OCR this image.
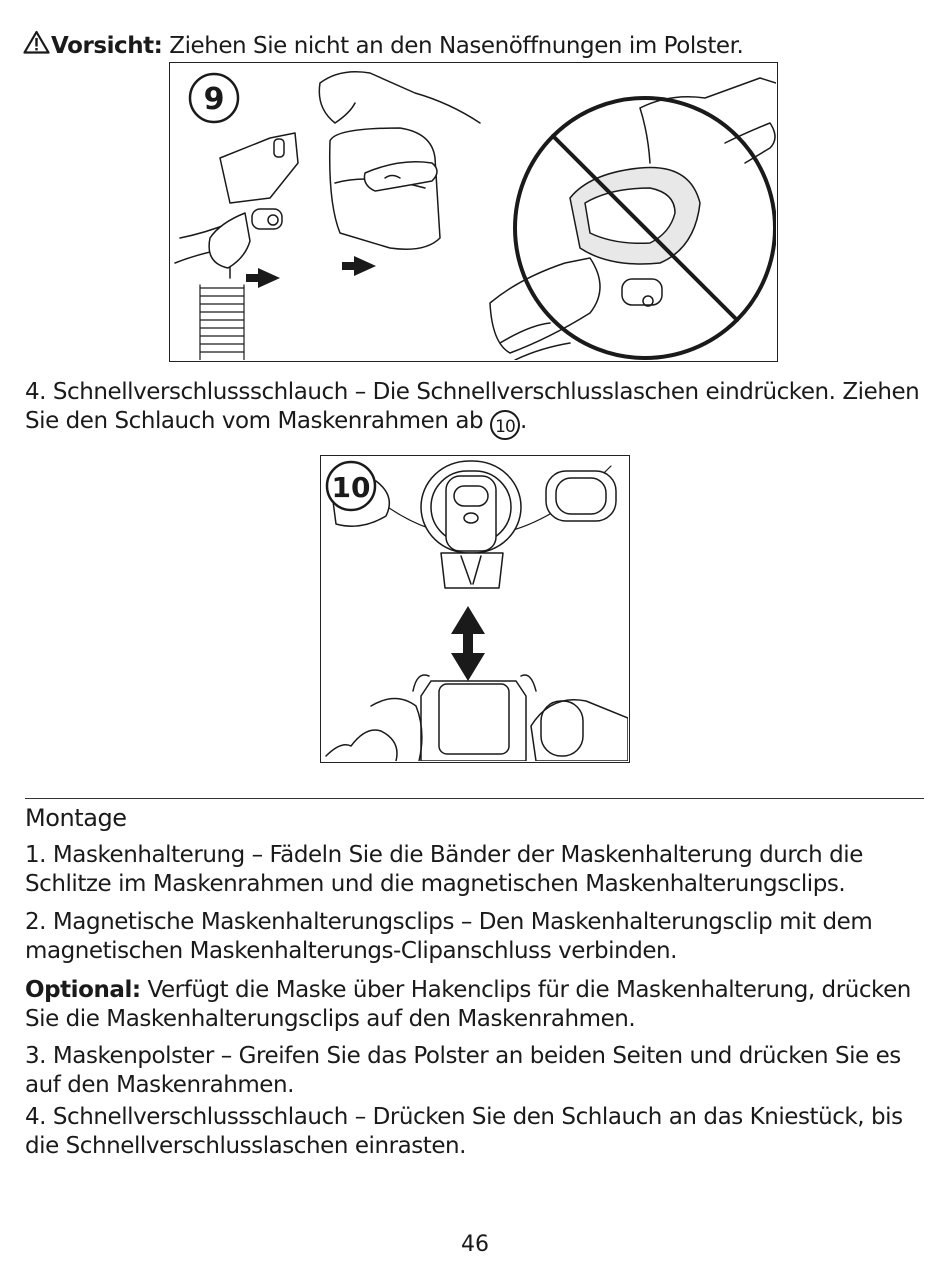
Vorsicht: Ziehen Sie nicht an den Nasenöffnungen im Polster.
9
4. Schnellverschlussschlauch – Die Schnellverschlusslaschen eindrücken. Ziehen Sie den Schlauch vom Maskenrahmen ab 10 .
10
Montage
1. Maskenhalterung – Fädeln Sie die Bänder der Maskenhalterung durch die Schlitze im Maskenrahmen und die magnetischen Maskenhalterungsclips.
2. Magnetische Maskenhalterungsclips – Den Maskenhalterungsclip mit dem magnetischen Maskenhalterungs-Clipanschluss verbinden.
Optional: Verfügt die Maske über Hakenclips für die Maskenhalterung, drücken Sie die Maskenhalterungsclips auf den Maskenrahmen.
3. Maskenpolster – Greifen Sie das Polster an beiden Seiten und drücken Sie es auf den Maskenrahmen.
4. Schnellverschlussschlauch – Drücken Sie den Schlauch an das Kniestück, bis die Schnellverschlusslaschen einrasten.
46
